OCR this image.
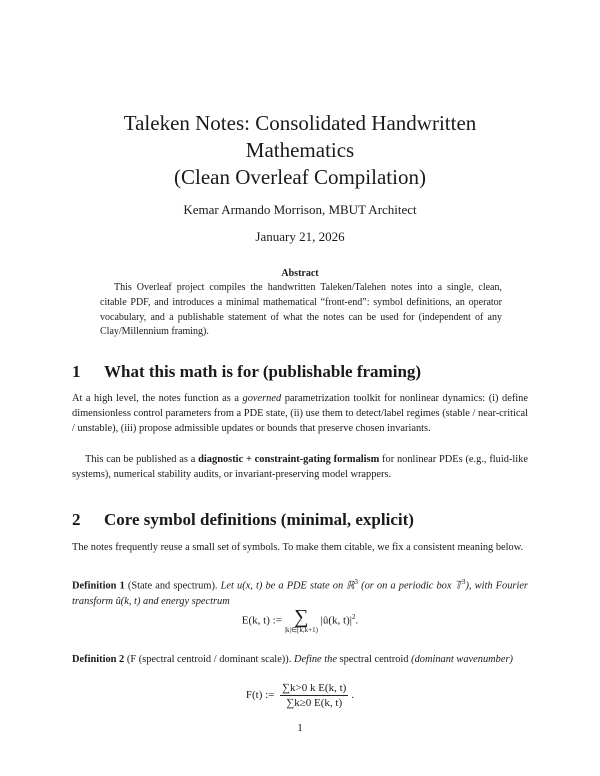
Taleken Notes: Consolidated Handwritten
Mathematics
(Clean Overleaf Compilation)
Kemar Armando Morrison, MBUT Architect
January 21, 2026
Abstract
This Overleaf project compiles the handwritten Taleken/Talehen notes into a single, clean, citable PDF, and introduces a minimal mathematical “front-end”: symbol definitions, an operator vocabulary, and a publishable statement of what the notes can be used for (independent of any Clay/Millennium framing).
1 What this math is for (publishable framing)
At a high level, the notes function as a governed parametrization toolkit for nonlinear dynamics: (i) define dimensionless control parameters from a PDE state, (ii) use them to detect/label regimes (stable / near-critical / unstable), (iii) propose admissible updates or bounds that preserve chosen invariants.
This can be published as a diagnostic + constraint-gating formalism for nonlinear PDEs (e.g., fluid-like systems), numerical stability audits, or invariant-preserving model wrappers.
2 Core symbol definitions (minimal, explicit)
The notes frequently reuse a small set of symbols. To make them citable, we fix a consistent meaning below.
Definition 1 (State and spectrum). Let u(x, t) be a PDE state on ℝ$^3$ (or on a periodic box 𝕋$^3$), with Fourier transform û(k, t) and energy spectrum
E(k, t) := ∑
|k|∈[k,k+1)
|û(k, $t)|^2$.
Definition 2 (F (spectral centroid / dominant scale)). Define the spectral centroid (dominant wavenumber)
F(t) := $\frac{\text{∑k>0 k E(k, t)}}{\sum k\ge 0 E(k, t)}$ .
1
